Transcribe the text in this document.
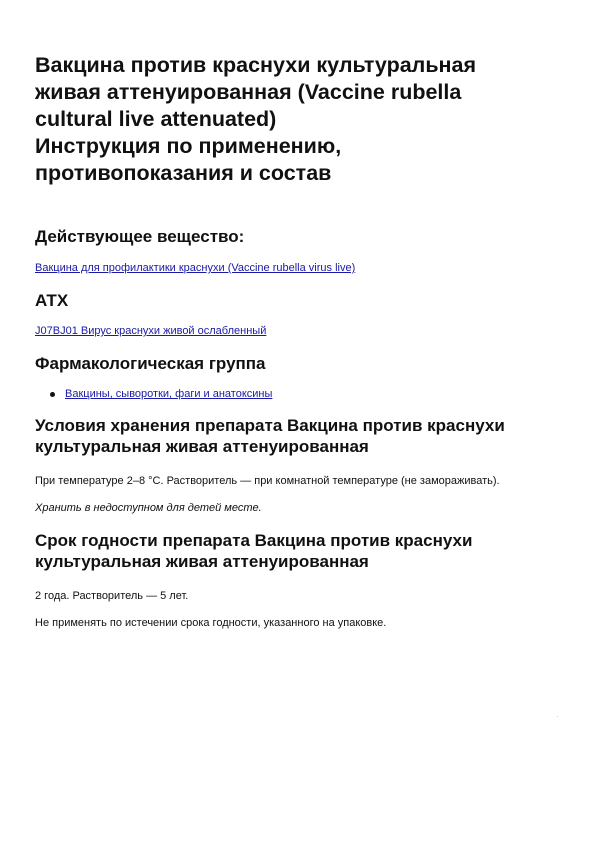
Вакцина против краснухи культуральная
живая аттенуированная (Vaccine rubella
cultural live attenuated)
Инструкция по применению,
противопоказания и состав
Действующее вещество:
Вакцина для профилактики краснухи (Vaccine rubella virus live)
АТХ
J07BJ01 Вирус краснухи живой ослабленный
Фармакологическая группа
Вакцины, сыворотки, фаги и анатоксины
Условия хранения препарата Вакцина против краснухи
культуральная живая аттенуированная

При температуре 2–8 °C. Растворитель — при комнатной температуре (не замораживать).

Хранить в недоступном для детей месте.

Срок годности препарата Вакцина против краснухи
культуральная живая аттенуированная

2 года. Растворитель — 5 лет.

Не применять по истечении срока годности, указанного на упаковке.
